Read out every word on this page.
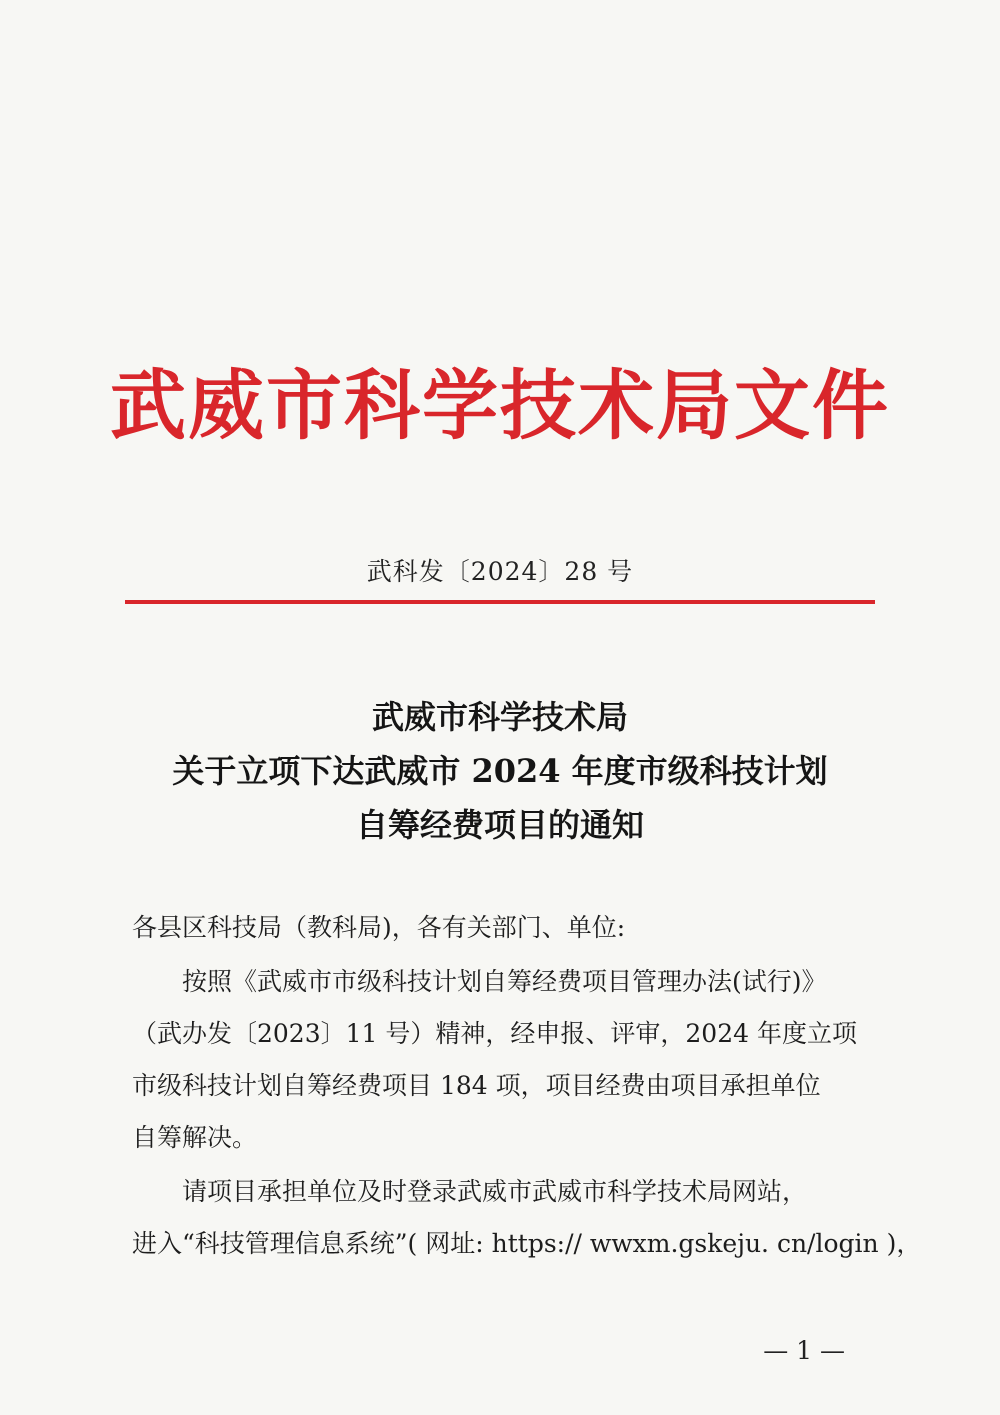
武威市科学技术局文件
武科发〔2024〕28 号
武威市科学技术局
关于立项下达武威市 2024 年度市级科技计划
自筹经费项目的通知

各县区科技局（教科局)，各有关部门、单位:

按照《武威市市级科技计划自筹经费项目管理办法(试行)》

（武办发〔2023〕11 号）精神，经申报、评审，2024 年度立项
市级科技计划自筹经费项目 184 项，项目经费由项目承担单位
自筹解决。

请项目承担单位及时登录武威市武威市科学技术局网站，

进入“科技管理信息系统”( 网址: https:// wwxm.gskeju. cn/login )，

— 1 —
